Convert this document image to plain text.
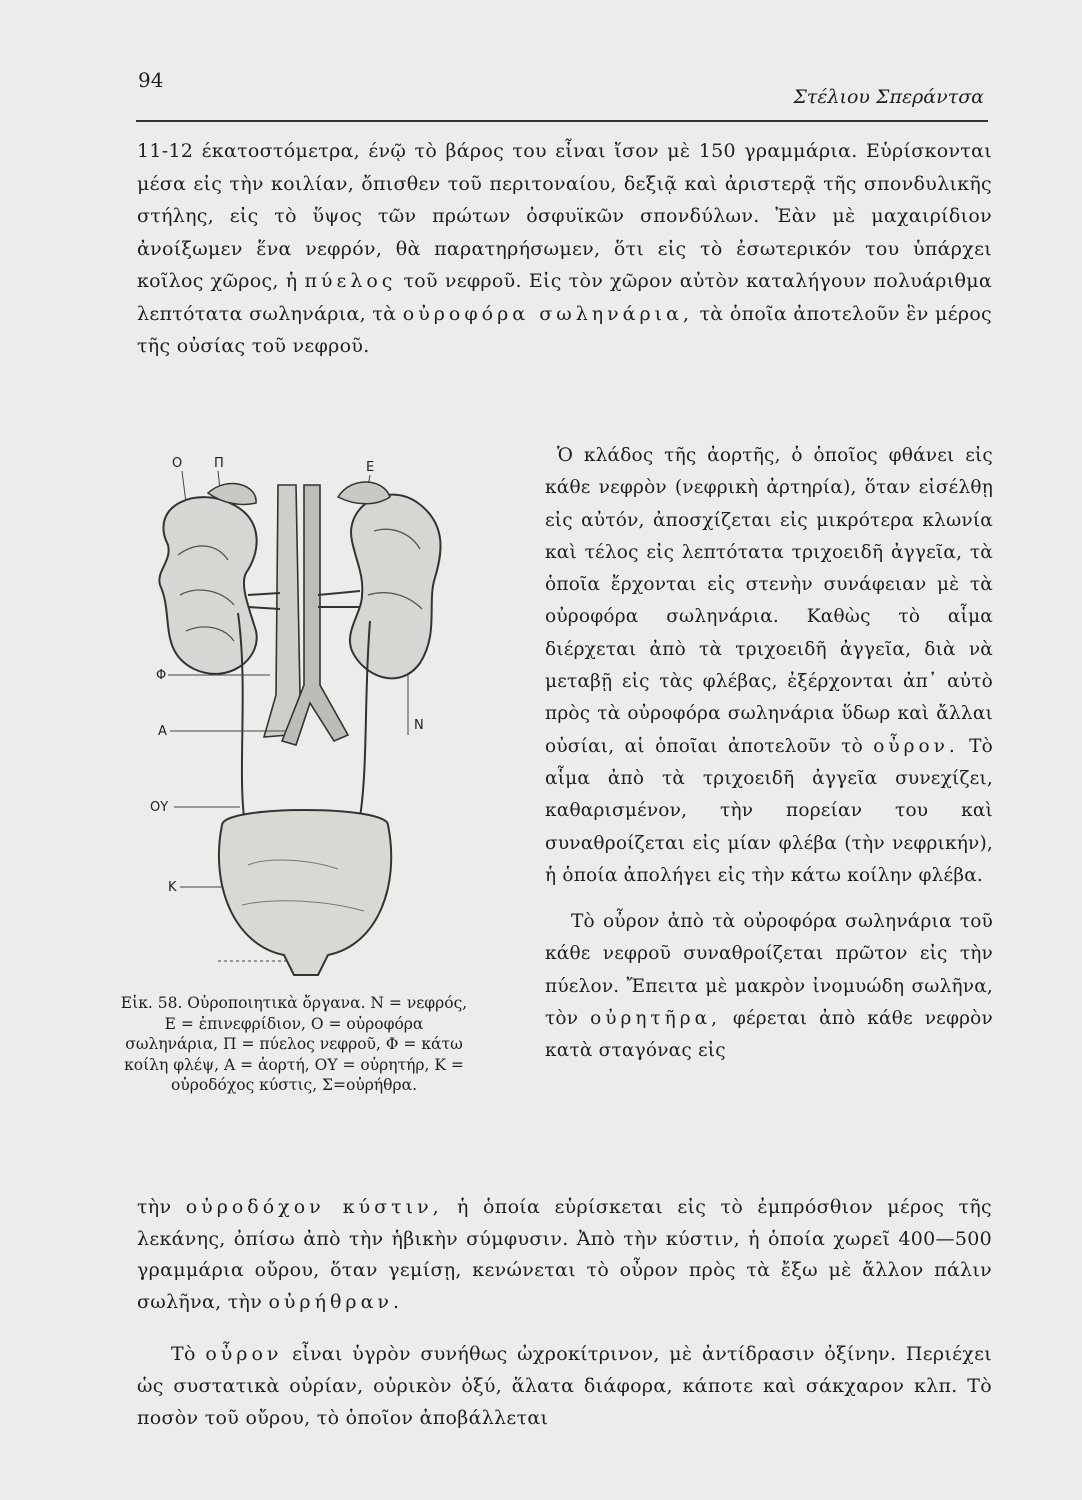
94
Στέλιου Σπεράντσα
11-12 έκατοστόμετρα, ένῷ τὸ βάρος του εἶναι ἴσον μὲ 150 γραμμάρια. Εὑρίσκονται μέσα εἰς τὴν κοιλίαν, ὄπισθεν τοῦ περιτοναίου, δεξιᾷ καὶ ἀριστερᾷ τῆς σπονδυλικῆς στήλης, εἰς τὸ ὕψος τῶν πρώτων ὀσφυϊκῶν σπονδύλων. Ἐὰν μὲ μαχαιρίδιον ἀνοίξωμεν ἕνα νεφρόν, θὰ παρατηρήσωμεν, ὅτι εἰς τὸ ἐσωτερικόν του ὑπάρχει κοῖλος χῶρος, ἡ πύελος τοῦ νεφροῦ. Εἰς τὸν χῶρον αὐτὸν καταλήγουν πολυάριθμα λεπτότατα σωληνάρια, τὰ οὐροφόρα σωληνάρια, τὰ ὁποῖα ἀποτελοῦν ἓν μέρος τῆς οὐσίας τοῦ νεφροῦ.
Ο Π	Ε
Φ
Α	Ν
ΟΥ
Κ
Εἰκ. 58. Οὐροποιητικὰ ὄργανα. Ν = νεφρός, Ε = ἐπινεφρίδιον, Ο = οὐροφόρα σωληνάρια, Π = πύελος νεφροῦ, Φ = κάτω κοίλη φλέψ, Α = ἀορτή, ΟΥ = οὐρητήρ, Κ = οὐροδόχος κύστις, Σ=οὐρήθρα.
Ὁ κλάδος τῆς ἀορτῆς, ὁ ὁποῖος φθάνει εἰς κάθε νεφρὸν (νεφρικὴ ἀρτηρία), ὅταν εἰσέλθῃ εἰς αὐτόν, ἀποσχίζεται εἰς μικρότερα κλωνία καὶ τέλος εἰς λεπτότατα τριχοειδῆ ἀγγεῖα, τὰ ὁποῖα ἔρχονται εἰς στενὴν συνάφειαν μὲ τὰ οὐροφόρα σωληνάρια. Καθὼς τὸ αἷμα διέρχεται ἀπὸ τὰ τριχοειδῆ ἀγγεῖα, διὰ νὰ μεταβῇ εἰς τὰς φλέβας, ἐξέρχονται ἀπ᾽ αὐτὸ πρὸς τὰ οὐροφόρα σωληνάρια ὕδωρ καὶ ἄλλαι οὐσίαι, αἱ ὁποῖαι ἀποτελοῦν τὸ οὖρον. Τὸ αἷμα ἀπὸ τὰ τριχοειδῆ ἀγγεῖα συνεχίζει, καθαρισμένον, τὴν πορείαν του καὶ συναθροίζεται εἰς μίαν φλέβα (τὴν νεφρικήν), ἡ ὁποία ἀπολήγει εἰς τὴν κάτω κοίλην φλέβα.
Τὸ οὖρον ἀπὸ τὰ οὐροφόρα σωληνάρια τοῦ κάθε νεφροῦ συναθροίζεται πρῶτον εἰς τὴν πύελον. Ἔπειτα μὲ μακρὸν ἰνομυώδη σωλῆνα, τὸν οὐρητῆρα, φέρεται ἀπὸ κάθε νεφρὸν κατὰ σταγόνας εἰς
τὴν οὐροδόχον κύστιν, ἡ ὁποία εὑρίσκεται εἰς τὸ ἐμπρόσθιον μέρος τῆς λεκάνης, ὀπίσω ἀπὸ τὴν ἡβικὴν σύμφυσιν. Ἀπὸ τὴν κύστιν, ἡ ὁποία χωρεῖ 400—500 γραμμάρια οὔρου, ὅταν γεμίσῃ, κενώνεται τὸ οὖρον πρὸς τὰ ἔξω μὲ ἄλλον πάλιν σωλῆνα, τὴν οὐρήθραν.
Τὸ οὖρον εἶναι ὑγρὸν συνήθως ὠχροκίτρινον, μὲ ἀντίδρασιν ὀξίνην. Περιέχει ὡς συστατικὰ οὐρίαν, οὐρικὸν ὀξύ, ἅλατα διάφορα, κάποτε καὶ σάκχαρον κλπ. Τὸ ποσὸν τοῦ οὔρου, τὸ ὁποῖον ἀποβάλλεται
